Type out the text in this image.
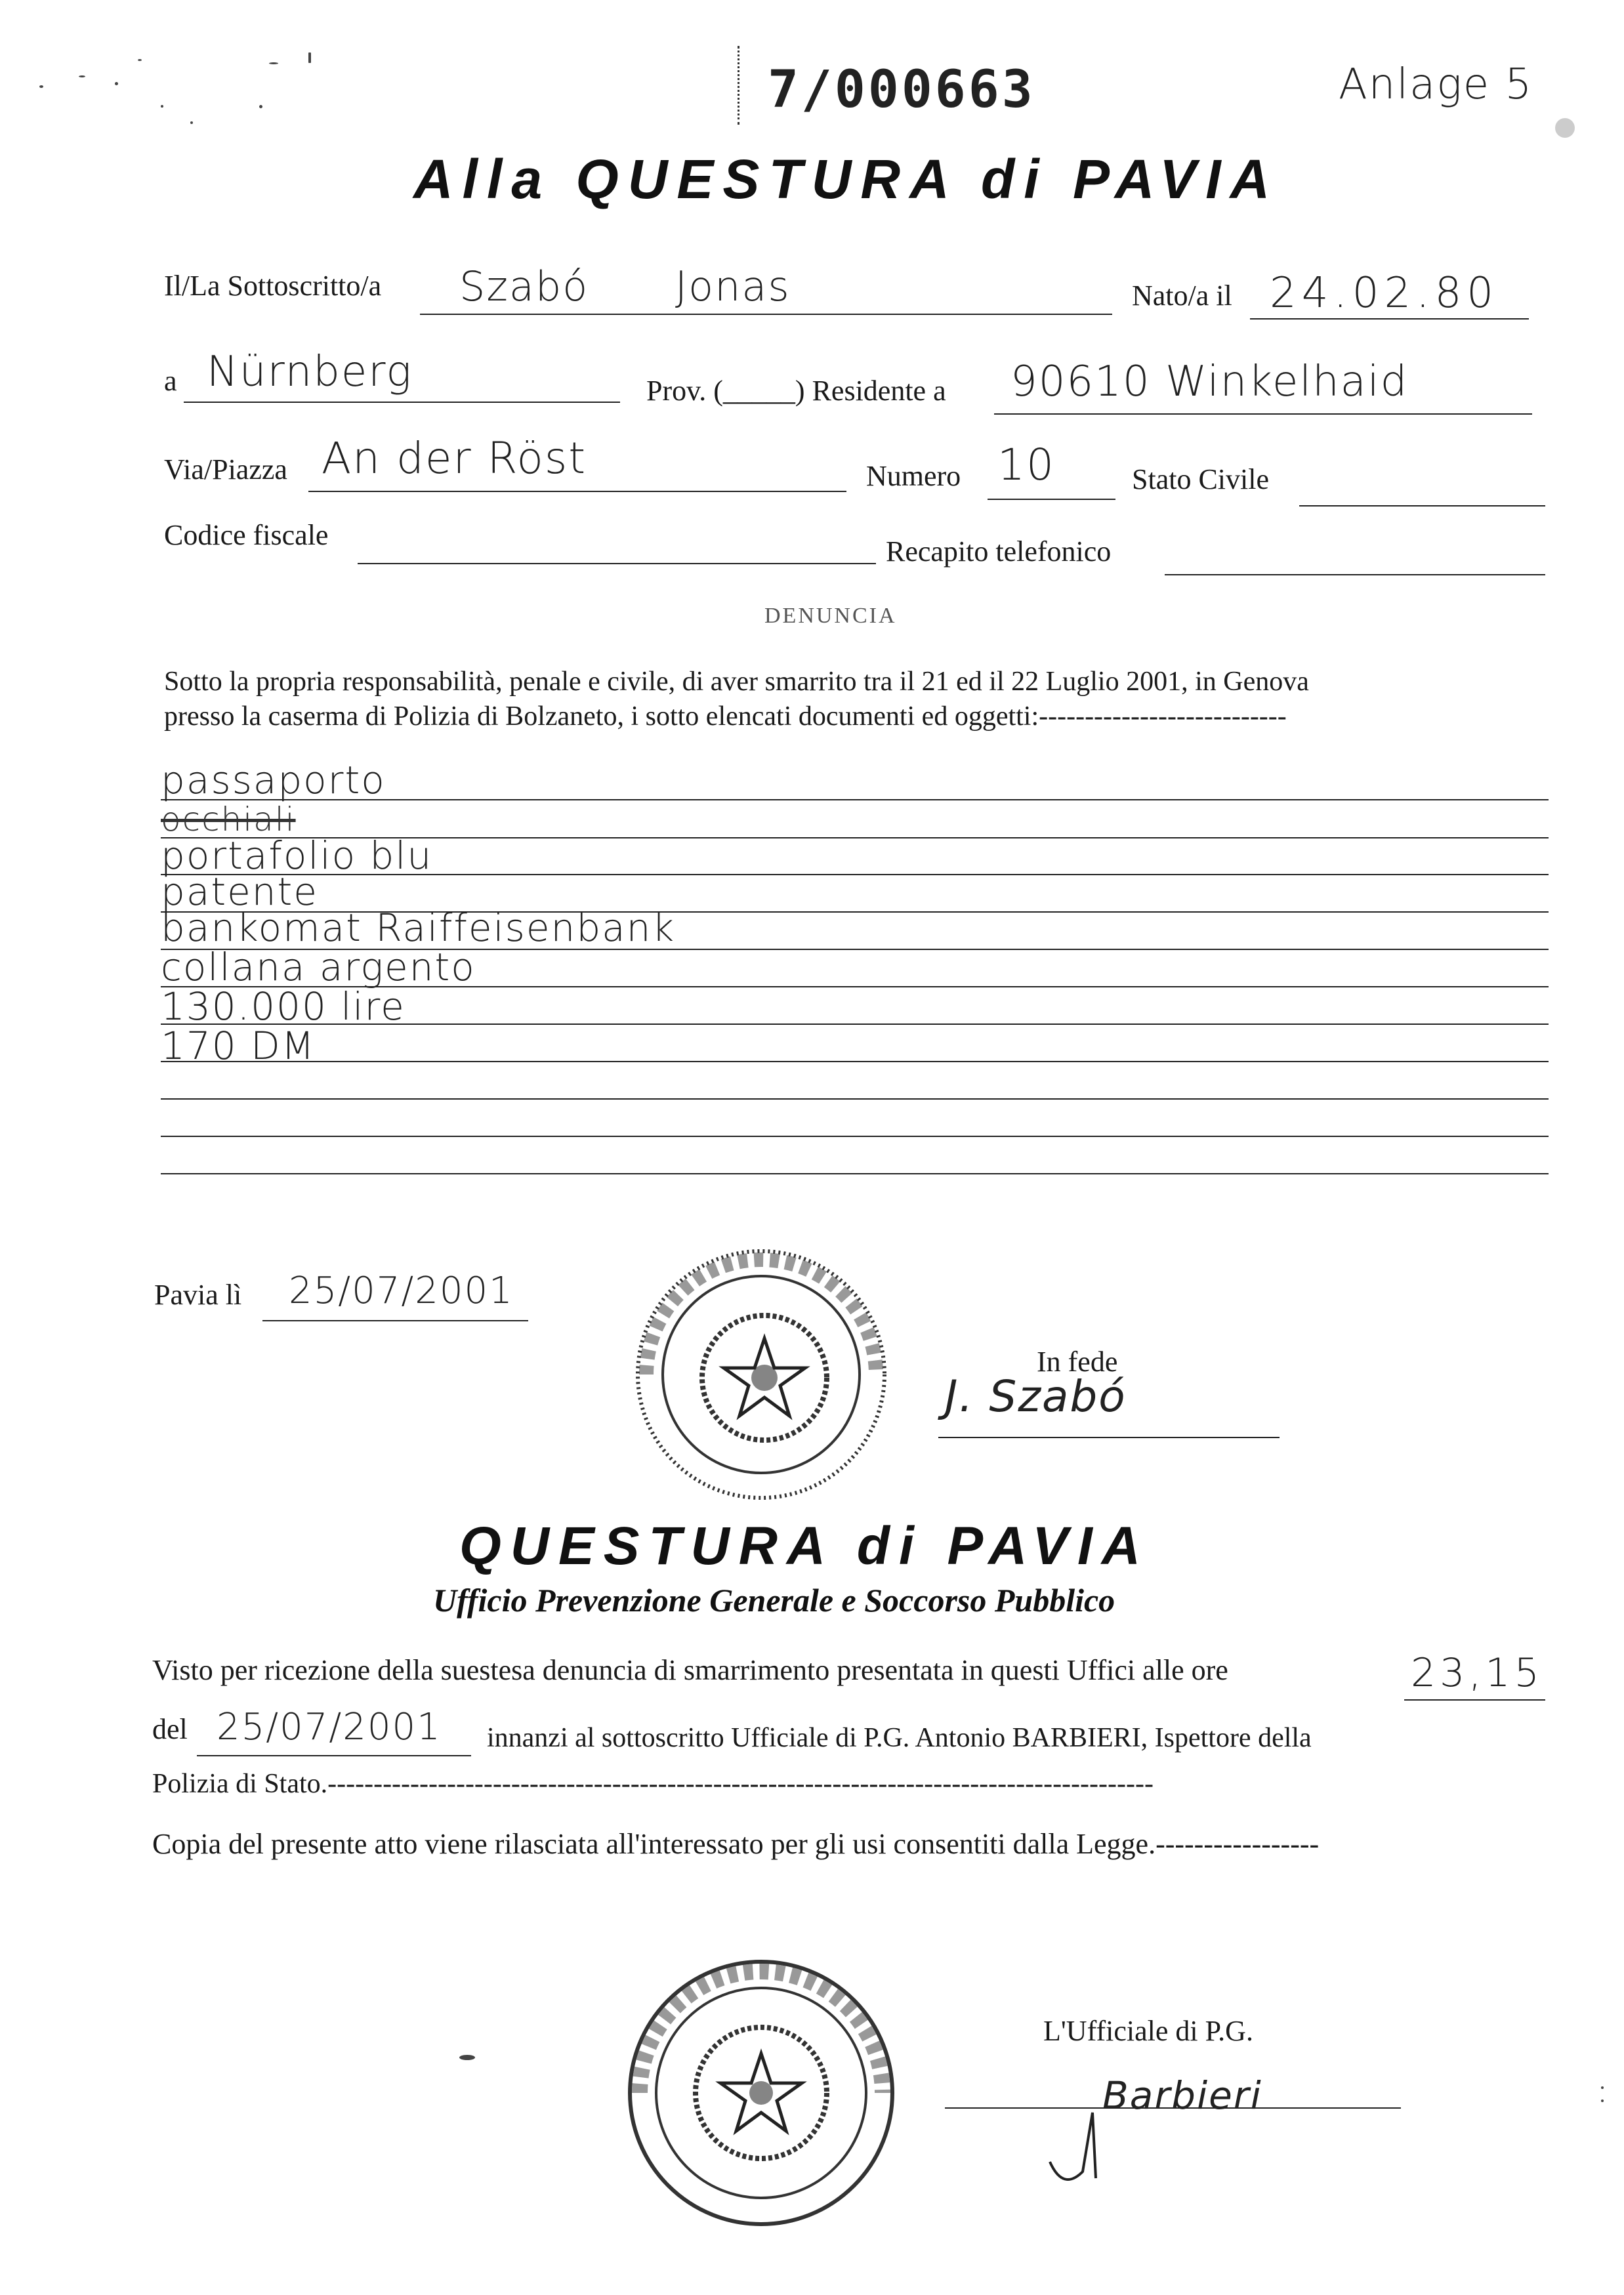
7/000663	Anlage 5
Alla QUESTURA di PAVIA
Il/La Sottoscritto/a Szabó Jonas	Nato/a il 24.02.80
a Nürnberg	Prov. (_____) Residente a 90610 Winkelhaid
Via/Piazza An der Röst	Numero 10	Stato Civile
Codice fiscale
Recapito telefonico
DENUNCIA
Sotto la propria responsabilità, penale e civile, di aver smarrito tra il 21 ed il 22 Luglio 2001, in Genova
presso la caserma di Polizia di Bolzaneto, i sotto elencati documenti ed oggetti:---------------------------
passaporto
occhiali
portafolio blu
patente
bankomat Raiffeisenbank
collana argento
130.000 lire
170 DM
Pavia lì 25/07/2001
In fede
J. Szabó
QUESTURA di PAVIA
Ufficio Prevenzione Generale e Soccorso Pubblico
Visto per ricezione della suestesa denuncia di smarrimento presentata in questi Uffici alle ore	23,15
del 25/07/2001 innanzi al sottoscritto Ufficiale di P.G. Antonio BARBIERI, Ispettore della
Polizia di Stato.------------------------------------------------------------------------------------------
Copia del presente atto viene rilasciata all'interessato per gli usi consentiti dalla Legge.-----------------
L'Ufficiale di P.G.
Barbieri
